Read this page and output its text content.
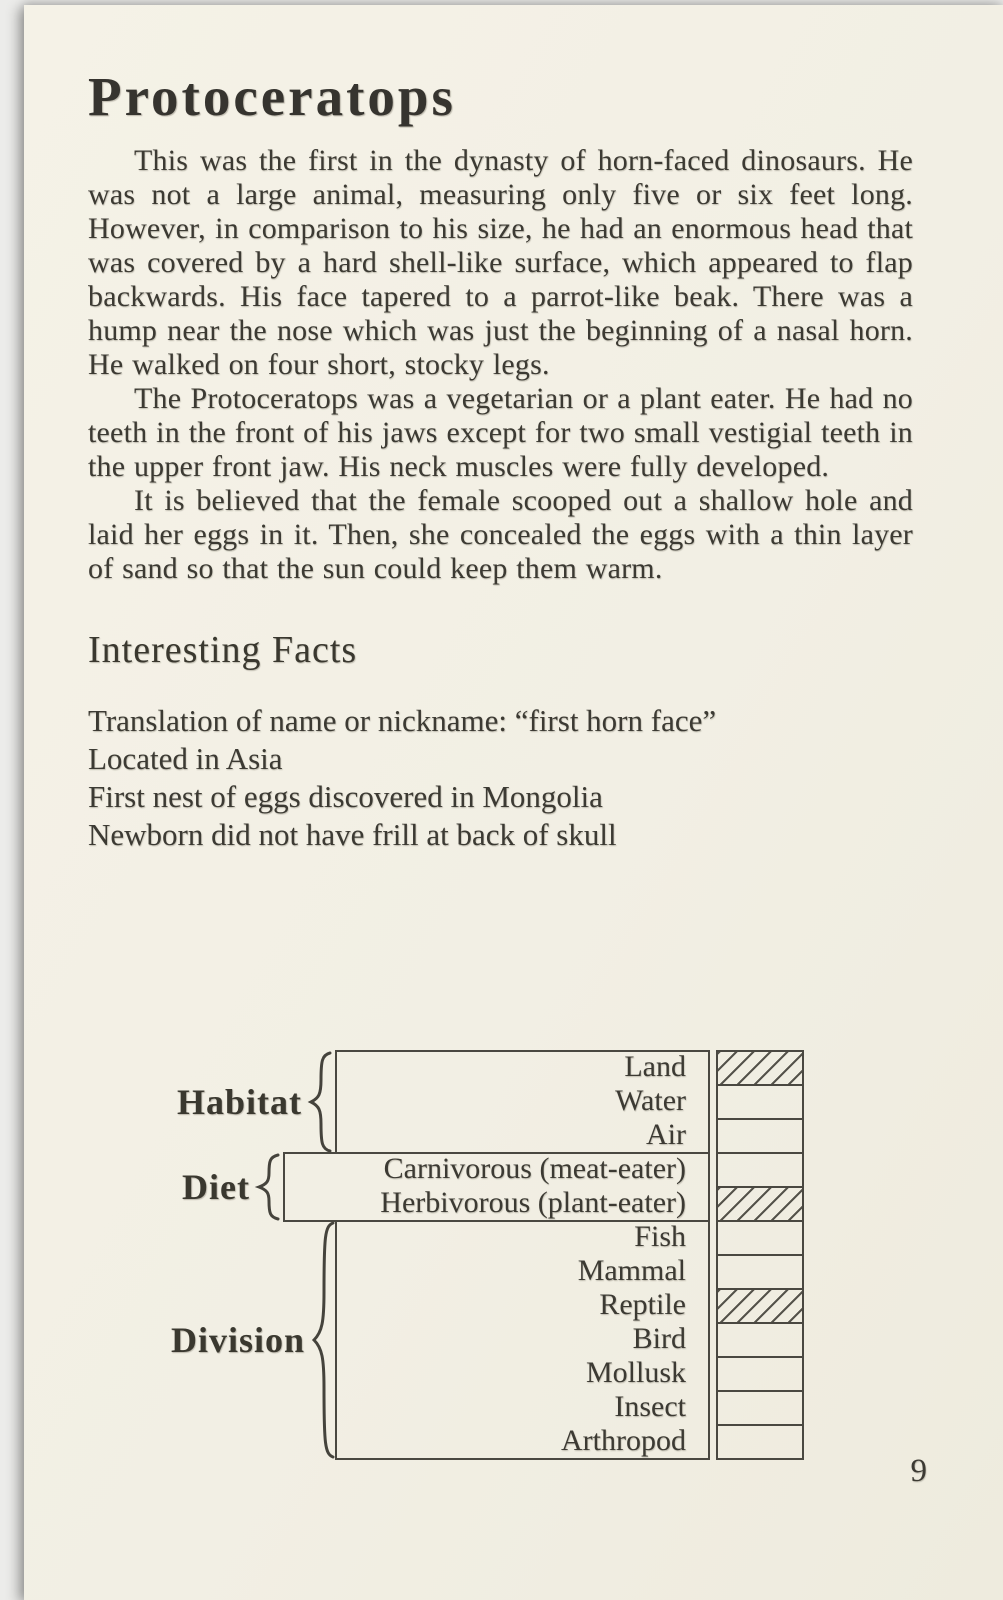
Protoceratops

This was the first in the dynasty of horn-faced dinosaurs. He was not a large animal, measuring only five or six feet long. However, in comparison to his size, he had an enormous head that was covered by a hard shell-like surface, which appeared to flap backwards. His face tapered to a parrot-like beak. There was a hump near the nose which was just the beginning of a nasal horn. He walked on four short, stocky legs.

The Protoceratops was a vegetarian or a plant eater. He had no teeth in the front of his jaws except for two small vestigial teeth in the upper front jaw. His neck muscles were fully developed.

It is believed that the female scooped out a shallow hole and laid her eggs in it. Then, she concealed the eggs with a thin layer of sand so that the sun could keep them warm.

Interesting Facts
Translation of name or nickname: “first horn face”
Located in Asia
First nest of eggs discovered in Mongolia
Newborn did not have frill at back of skull
Habitat
Diet
Division
Land
Water
Air
Carnivorous (meat-eater)
Herbivorous (plant-eater)
Fish
Mammal
Reptile
Bird
Mollusk
Insect
Arthropod
9
